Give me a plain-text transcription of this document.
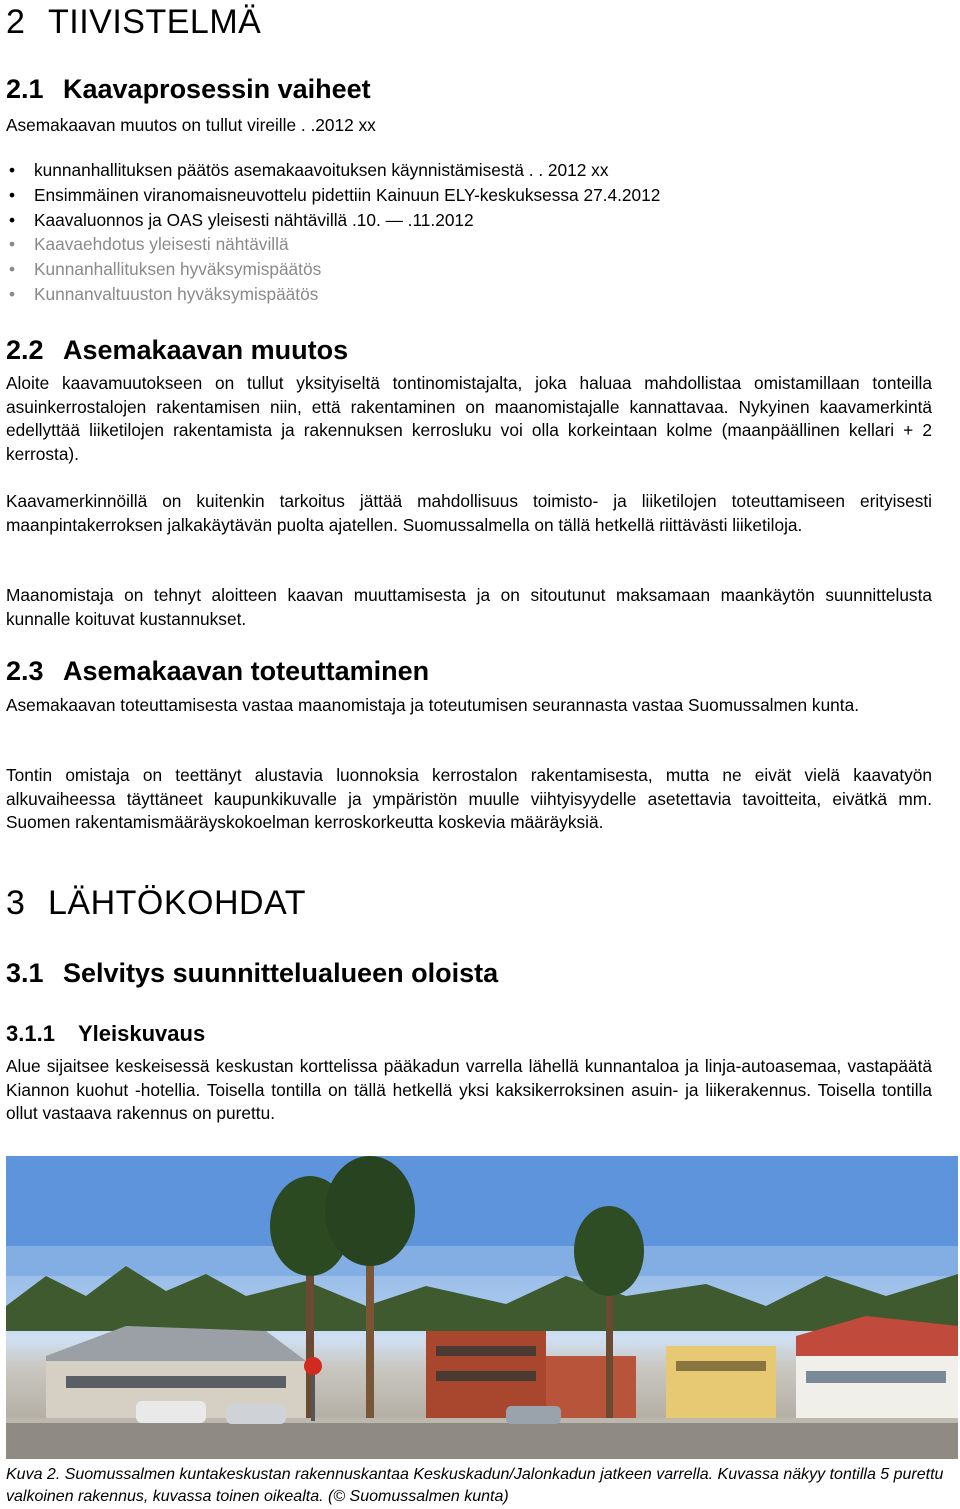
2 TIIVISTELMÄ
2.1 Kaavaprosessin vaiheet

Asemakaavan muutos on tullut vireille . .2012 xx

• kunnanhallituksen päätös asemakaavoituksen käynnistämisestä . . 2012 xx
• Ensimmäinen viranomaisneuvottelu pidettiin Kainuun ELY-keskuksessa 27.4.2012
• Kaavaluonnos ja OAS yleisesti nähtävillä .10. — .11.2012
• Kaavaehdotus yleisesti nähtävillä
• Kunnanhallituksen hyväksymispäätös
• Kunnanvaltuuston hyväksymispäätös
2.2 Asemakaavan muutos

Aloite kaavamuutokseen on tullut yksityiseltä tontinomistajalta, joka haluaa mahdollistaa omistamillaan tonteilla asuinkerrostalojen rakentamisen niin, että rakentaminen on maanomistajalle kannattavaa. Nykyinen kaavamerkintä edellyttää liiketilojen rakentamista ja rakennuksen kerrosluku voi olla korkeintaan kolme (maanpäällinen kellari + 2 kerrosta).

Kaavamerkinnöillä on kuitenkin tarkoitus jättää mahdollisuus toimisto- ja liiketilojen toteuttamiseen erityisesti maanpintakerroksen jalkakäytävän puolta ajatellen. Suomussalmella on tällä hetkellä riittävästi liiketiloja.

Maanomistaja on tehnyt aloitteen kaavan muuttamisesta ja on sitoutunut maksamaan maankäytön suunnittelusta kunnalle koituvat kustannukset.

2.3 Asemakaavan toteuttaminen

Asemakaavan toteuttamisesta vastaa maanomistaja ja toteutumisen seurannasta vastaa Suomussalmen kunta.

Tontin omistaja on teettänyt alustavia luonnoksia kerrostalon rakentamisesta, mutta ne eivät vielä kaavatyön alkuvaiheessa täyttäneet kaupunkikuvalle ja ympäristön muulle viihtyisyydelle asetettavia tavoitteita, eivätkä mm. Suomen rakentamismääräyskokoelman kerroskorkeutta koskevia määräyksiä.

3 LÄHTÖKOHDAT
3.1 Selvitys suunnittelualueen oloista
3.1.1 Yleiskuvaus

Alue sijaitsee keskeisessä keskustan korttelissa pääkadun varrella lähellä kunnantaloa ja linja-autoasemaa, vastapäätä Kiannon kuohut -hotellia. Toisella tontilla on tällä hetkellä yksi kaksikerroksinen asuin- ja liikerakennus. Toisella tontilla ollut vastaava rakennus on purettu.

Kuva 2. Suomussalmen kuntakeskustan rakennuskantaa Keskuskadun/Jalonkadun jatkeen varrella. Kuvassa näkyy tontilla 5 purettu valkoinen rakennus, kuvassa toinen oikealta. (© Suomussalmen kunta)
